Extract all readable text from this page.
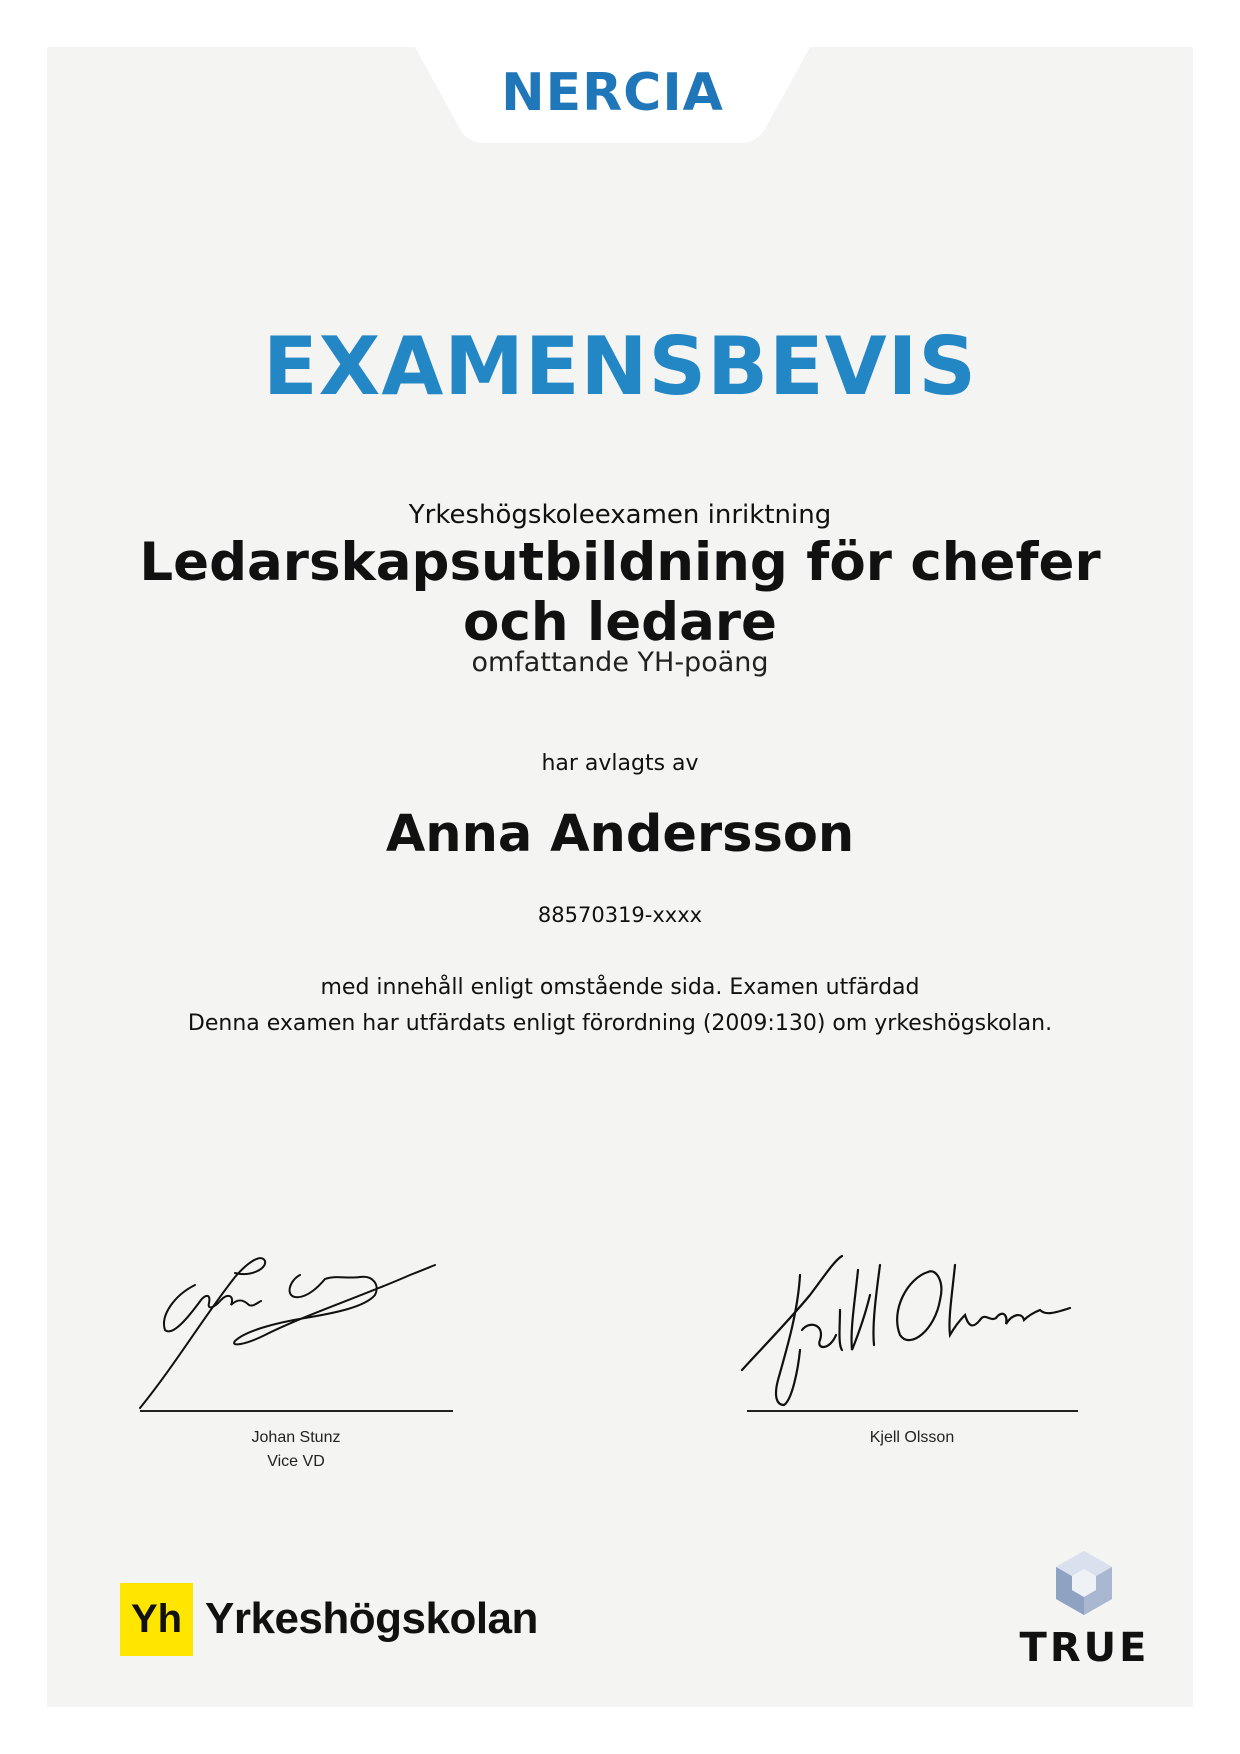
NERCIA
EXAMENSBEVIS
Yrkeshögskoleexamen inriktning
Ledarskapsutbildning för chefer och ledare
omfattande YH-poäng
har avlagts av
Anna Andersson
88570319-xxxx
med innehåll enligt omstående sida. Examen utfärdad
Denna examen har utfärdats enligt förordning (2009:130) om yrkeshögskolan.
Johan Stunz
Vice VD
Kjell Olsson
Yh Yrkeshögskolan
TRUE
